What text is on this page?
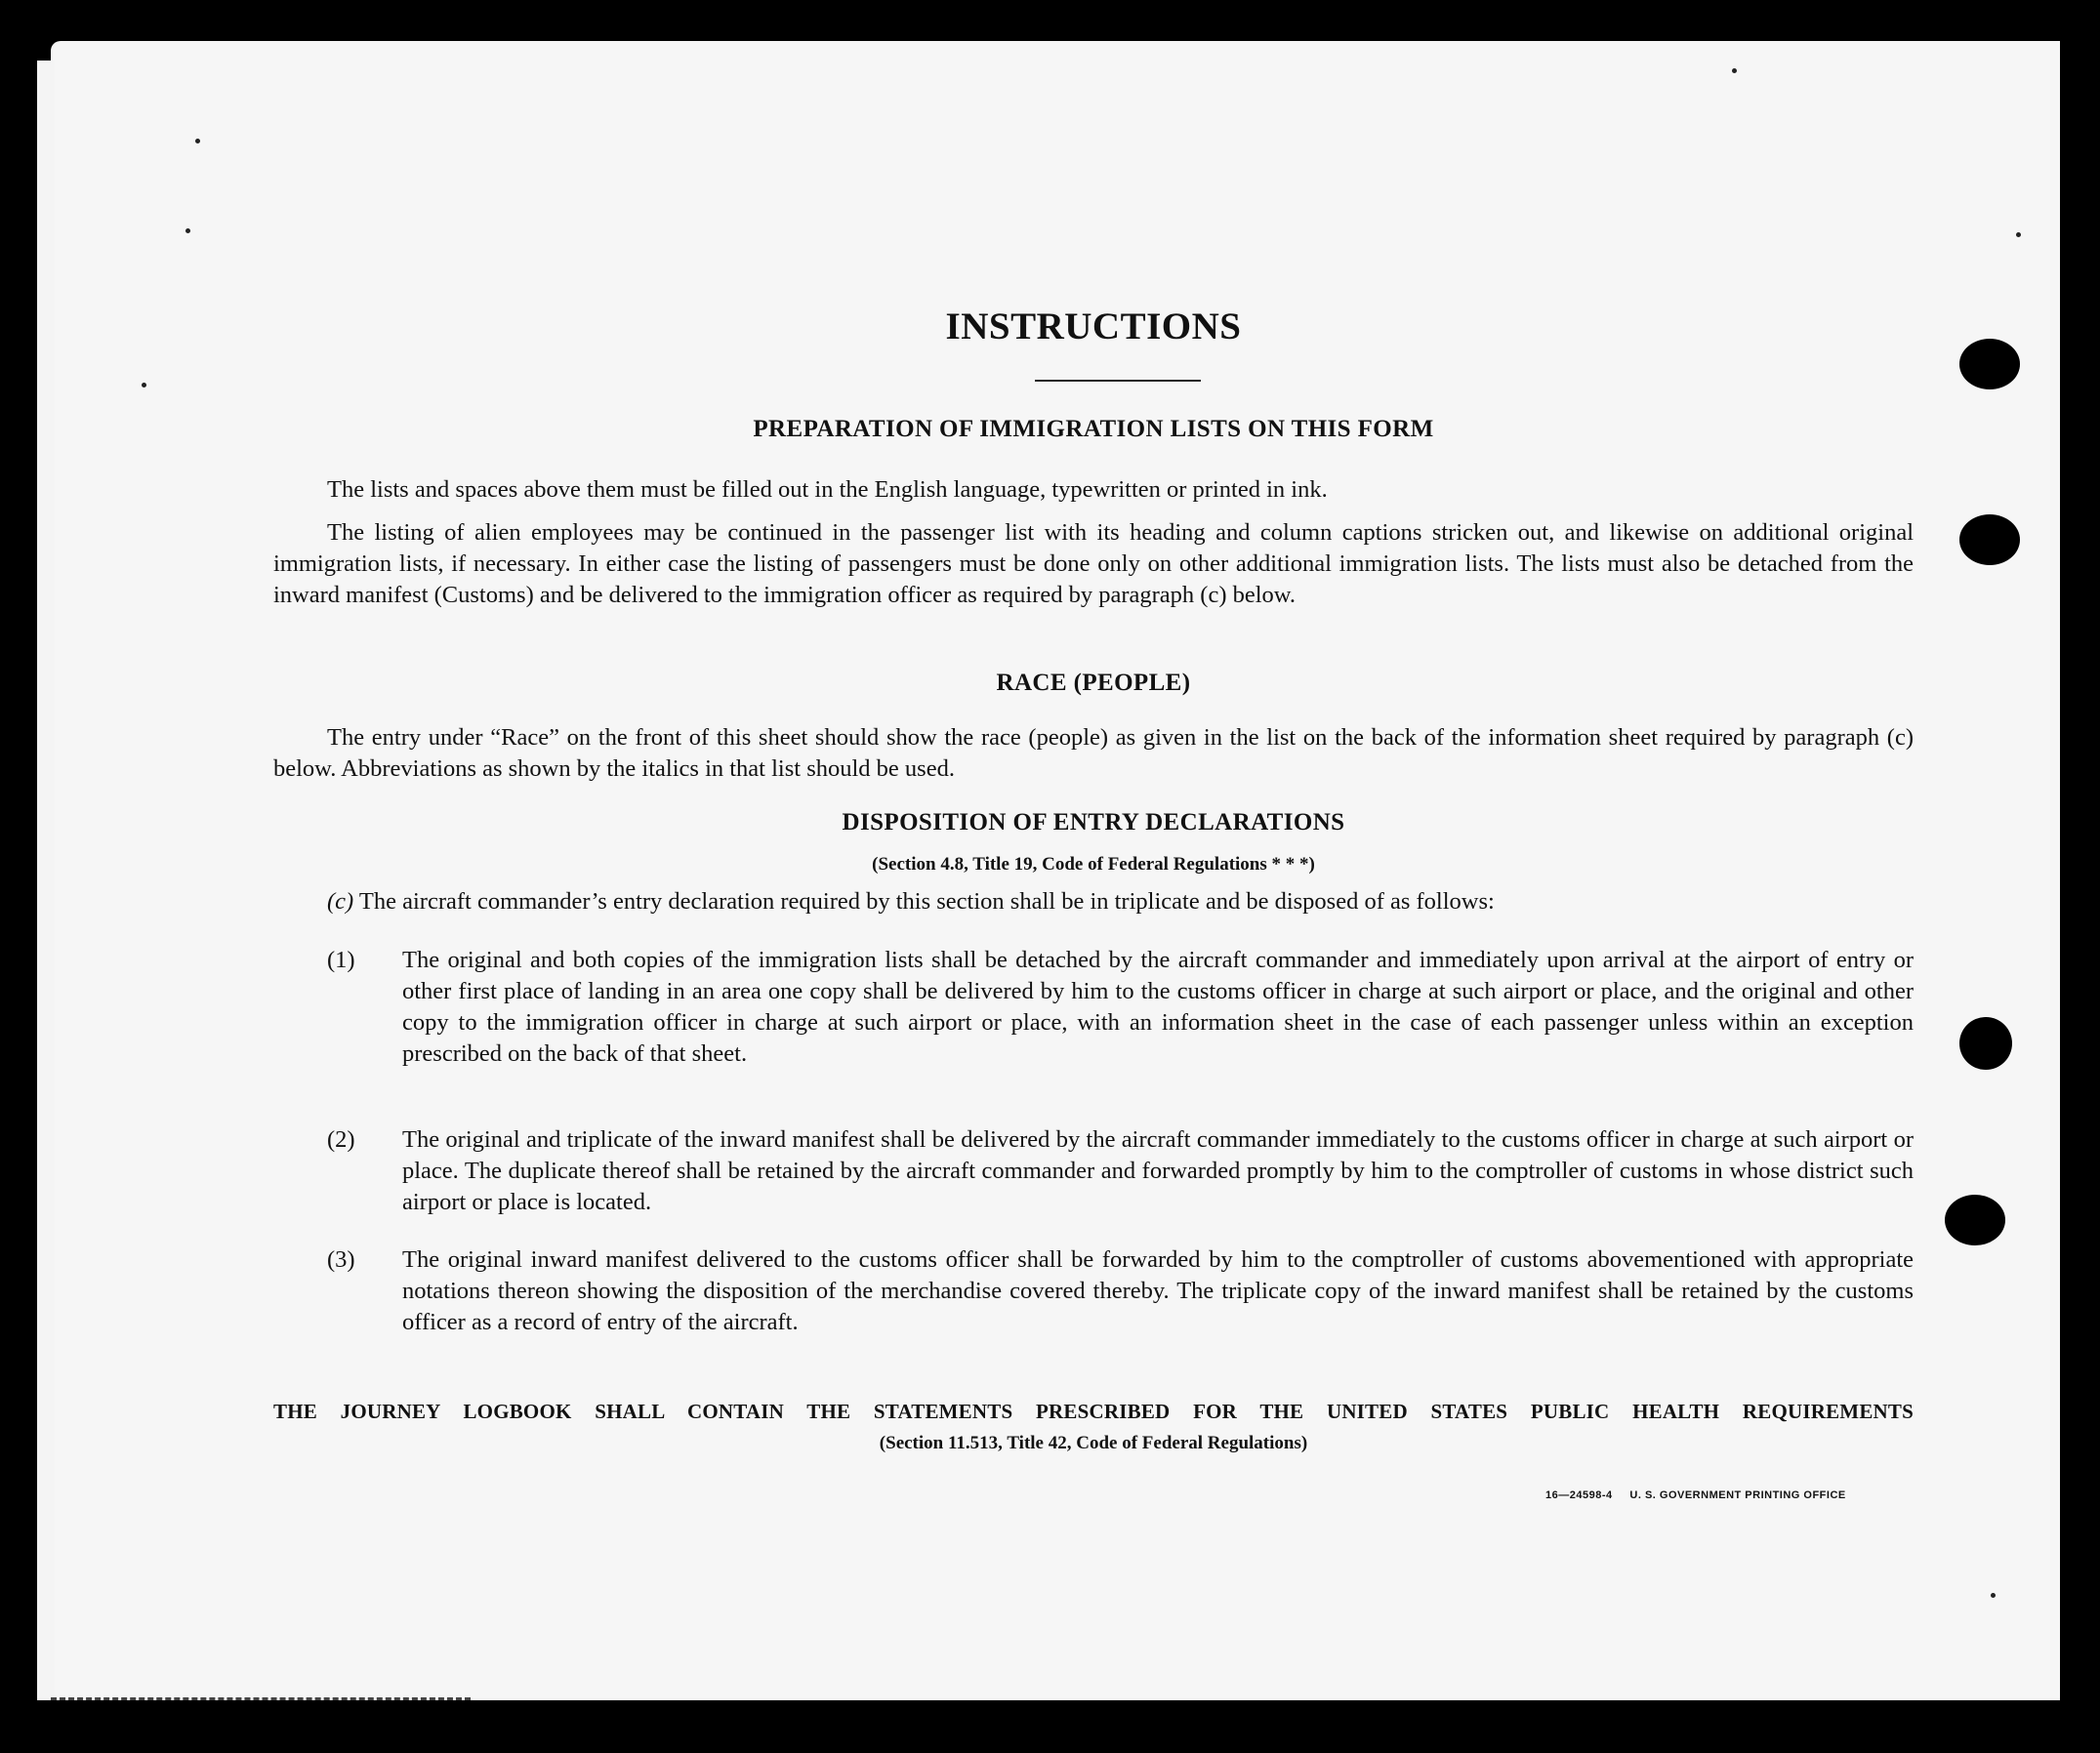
INSTRUCTIONS
PREPARATION OF IMMIGRATION LISTS ON THIS FORM
The lists and spaces above them must be filled out in the English language, typewritten or printed in ink.
The listing of alien employees may be continued in the passenger list with its heading and column captions stricken out, and likewise on additional original immigration lists, if necessary. In either case the listing of passengers must be done only on other additional immigration lists. The lists must also be detached from the inward manifest (Customs) and be delivered to the immigration officer as required by paragraph (c) below.
RACE (PEOPLE)
The entry under “Race” on the front of this sheet should show the race (people) as given in the list on the back of the information sheet required by paragraph (c) below. Abbreviations as shown by the italics in that list should be used.
DISPOSITION OF ENTRY DECLARATIONS
(Section 4.8, Title 19, Code of Federal Regulations * * *)
(c) The aircraft commander’s entry declaration required by this section shall be in triplicate and be disposed of as follows:
(1)	The original and both copies of the immigration lists shall be detached by the aircraft commander and immediately upon arrival at the airport of entry or other first place of landing in an area one copy shall be delivered by him to the customs officer in charge at such airport or place, and the original and other copy to the immigration officer in charge at such airport or place, with an information sheet in the case of each passenger unless within an exception prescribed on the back of that sheet.
(2)	The original and triplicate of the inward manifest shall be delivered by the aircraft commander immediately to the customs officer in charge at such airport or place. The duplicate thereof shall be retained by the aircraft commander and forwarded promptly by him to the comptroller of customs in whose district such airport or place is located.
(3)	The original inward manifest delivered to the customs officer shall be forwarded by him to the comptroller of customs abovementioned with appropriate notations thereon showing the disposition of the merchandise covered thereby. The triplicate copy of the inward manifest shall be retained by the customs officer as a record of entry of the aircraft.
THE JOURNEY LOGBOOK SHALL CONTAIN THE STATEMENTS PRESCRIBED FOR THE UNITED STATES PUBLIC HEALTH REQUIREMENTS
(Section 11.513, Title 42, Code of Federal Regulations)
16—24598‑4 U. S. GOVERNMENT PRINTING OFFICE
